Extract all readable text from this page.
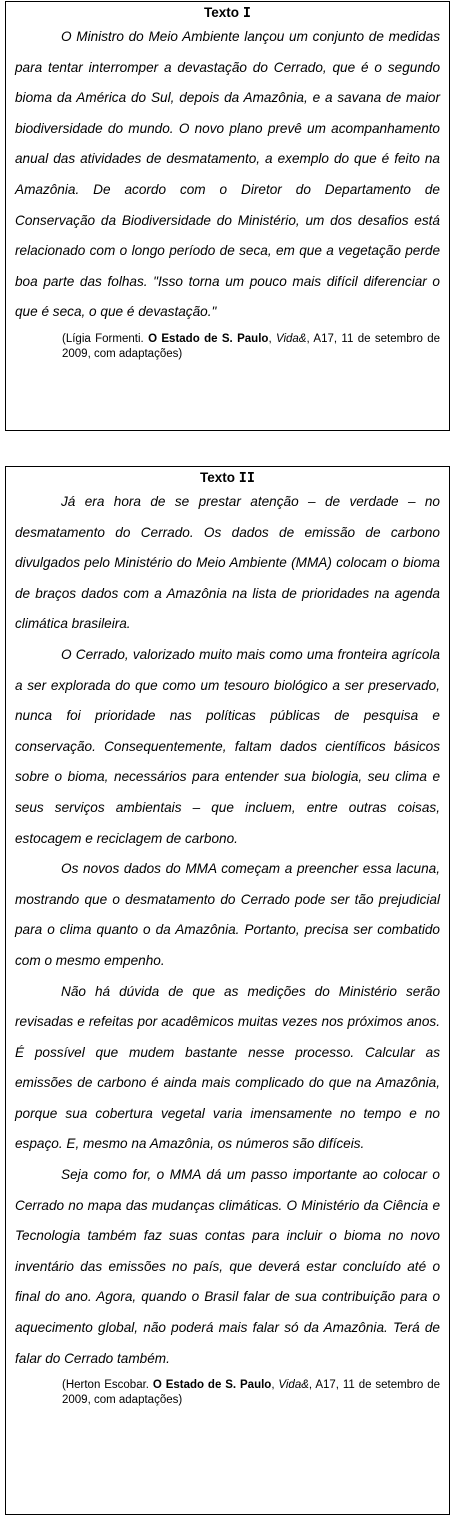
Texto I

O Ministro do Meio Ambiente lançou um conjunto de medidas para tentar interromper a devastação do Cerrado, que é o segundo bioma da América do Sul, depois da Amazônia, e a savana de maior biodiversidade do mundo. O novo plano prevê um acompanhamento anual das atividades de desmatamento, a exemplo do que é feito na Amazônia. De acordo com o Diretor do Departamento de Conservação da Biodiversidade do Ministério, um dos desafios está relacionado com o longo período de seca, em que a vegetação perde boa parte das folhas. "Isso torna um pouco mais difícil diferenciar o que é seca, o que é devastação."

(Lígia Formenti. O Estado de S. Paulo, Vida&, A17, 11 de setembro de 2009, com adaptações)
Texto II

Já era hora de se prestar atenção – de verdade – no desmatamento do Cerrado. Os dados de emissão de carbono divulgados pelo Ministério do Meio Ambiente (MMA) colocam o bioma de braços dados com a Amazônia na lista de prioridades na agenda climática brasileira.

O Cerrado, valorizado muito mais como uma fronteira agrícola a ser explorada do que como um tesouro biológico a ser preservado, nunca foi prioridade nas políticas públicas de pesquisa e conservação. Consequentemente, faltam dados científicos básicos sobre o bioma, necessários para entender sua biologia, seu clima e seus serviços ambientais – que incluem, entre outras coisas, estocagem e reciclagem de carbono.

Os novos dados do MMA começam a preencher essa lacuna, mostrando que o desmatamento do Cerrado pode ser tão prejudicial para o clima quanto o da Amazônia. Portanto, precisa ser combatido com o mesmo empenho.

Não há dúvida de que as medições do Ministério serão revisadas e refeitas por acadêmicos muitas vezes nos próximos anos. É possível que mudem bastante nesse processo. Calcular as emissões de carbono é ainda mais complicado do que na Amazônia, porque sua cobertura vegetal varia imensamente no tempo e no espaço. E, mesmo na Amazônia, os números são difíceis.

Seja como for, o MMA dá um passo importante ao colocar o Cerrado no mapa das mudanças climáticas. O Ministério da Ciência e Tecnologia também faz suas contas para incluir o bioma no novo inventário das emissões no país, que deverá estar concluído até o final do ano. Agora, quando o Brasil falar de sua contribuição para o aquecimento global, não poderá mais falar só da Amazônia. Terá de falar do Cerrado também.

(Herton Escobar. O Estado de S. Paulo, Vida&, A17, 11 de setembro de 2009, com adaptações)
